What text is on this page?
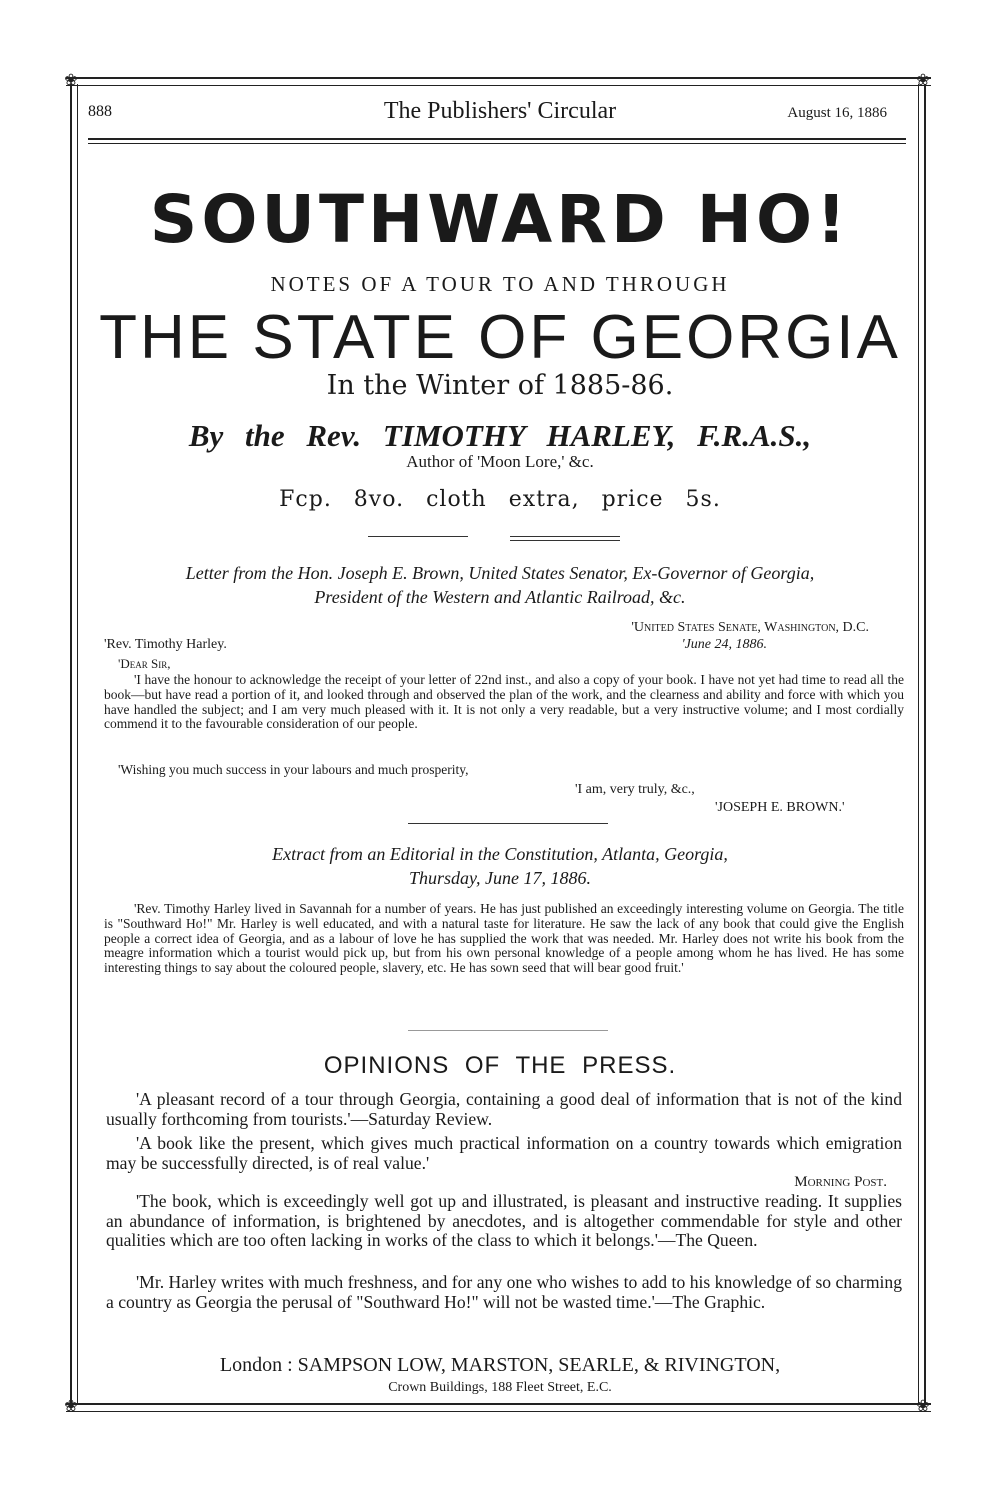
❀	❀
❀	❀
888	The Publishers' Circular	August 16, 1886
SOUTHWARD HO!
NOTES OF A TOUR TO AND THROUGH
THE STATE OF GEORGIA
In the Winter of 1885-86.
By the Rev. TIMOTHY HARLEY, F.R.A.S.,
Author of 'Moon Lore,' &c.
Fcp. 8vo. cloth extra, price 5s.
Letter from the Hon. Joseph E. Brown, United States Senator, Ex-Governor of Georgia,
President of the Western and Atlantic Railroad, &c.
'United States Senate, Washington, D.C.
'Rev. Timothy Harley.	'June 24, 1886.
'Dear Sir,
'I have the honour to acknowledge the receipt of your letter of 22nd inst., and also a copy of your book. I have not yet had time to read all the book—but have read a portion of it, and looked through and observed the plan of the work, and the clearness and ability and force with which you have handled the subject; and I am very much pleased with it. It is not only a very readable, but a very instructive volume; and I most cordially commend it to the favourable consideration of our people.
'Wishing you much success in your labours and much prosperity,
'I am, very truly, &c.,
'JOSEPH E. BROWN.'
Extract from an Editorial in the Constitution, Atlanta, Georgia,
Thursday, June 17, 1886.
'Rev. Timothy Harley lived in Savannah for a number of years. He has just published an exceedingly interesting volume on Georgia. The title is "Southward Ho!" Mr. Harley is well educated, and with a natural taste for literature. He saw the lack of any book that could give the English people a correct idea of Georgia, and as a labour of love he has supplied the work that was needed. Mr. Harley does not write his book from the meagre information which a tourist would pick up, but from his own personal knowledge of a people among whom he has lived. He has some interesting things to say about the coloured people, slavery, etc. He has sown seed that will bear good fruit.'
OPINIONS OF THE PRESS.
'A pleasant record of a tour through Georgia, containing a good deal of information that is not of the kind usually forthcoming from tourists.'—Saturday Review.
'A book like the present, which gives much practical information on a country towards which emigration may be successfully directed, is of real value.'
Morning Post.
'The book, which is exceedingly well got up and illustrated, is pleasant and instructive reading. It supplies an abundance of information, is brightened by anecdotes, and is altogether commendable for style and other qualities which are too often lacking in works of the class to which it belongs.'—The Queen.
'Mr. Harley writes with much freshness, and for any one who wishes to add to his knowledge of so charming a country as Georgia the perusal of "Southward Ho!" will not be wasted time.'—The Graphic.
London : SAMPSON LOW, MARSTON, SEARLE, & RIVINGTON,
Crown Buildings, 188 Fleet Street, E.C.
